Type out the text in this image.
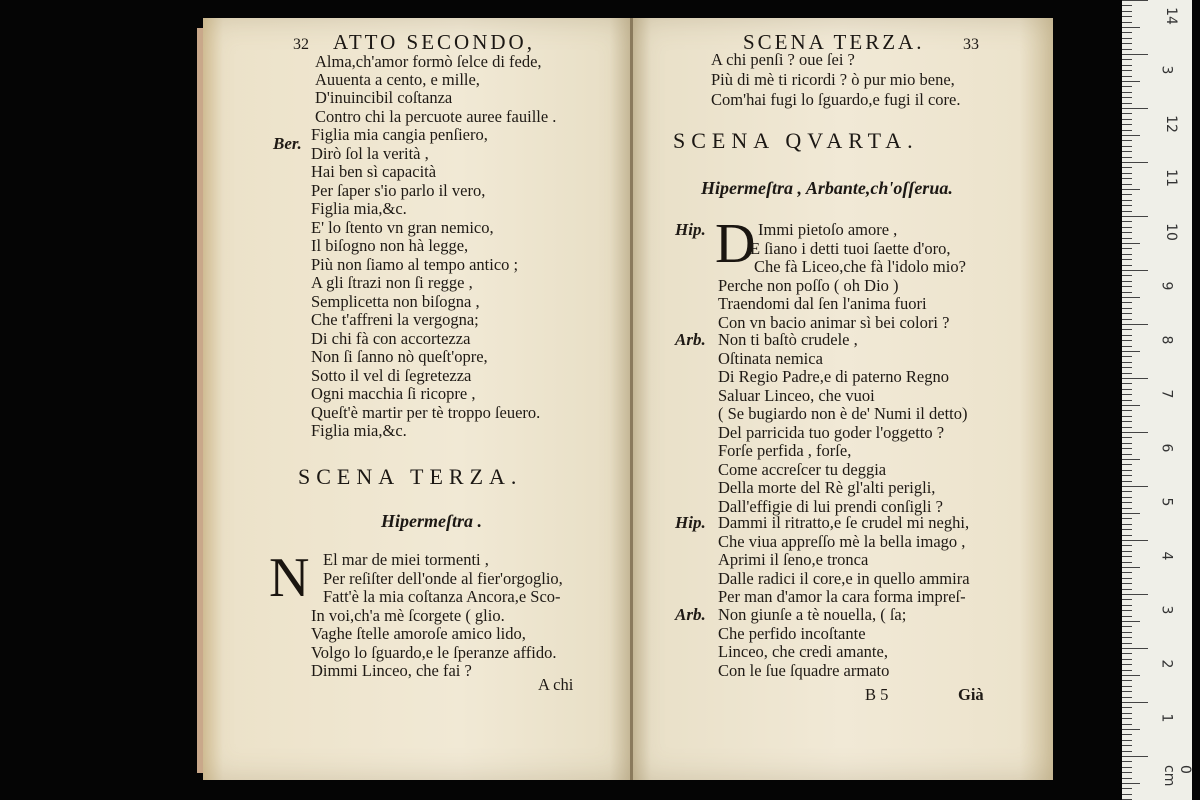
32 ATTO SECONDO,
Alma,ch'amor formò ſelce di fede,
Auuenta a cento, e mille,
D'inuincibil coſtanza
Contro chi la percuote auree fauille .
Ber. Figlia mia cangia penſiero,
Dirò ſol la verità ,
Hai ben sì capacità
Per ſaper s'io parlo il vero,
Figlia mia,&c.
E' lo ſtento vn gran nemico,
Il biſogno non hà legge,
Più non ſiamo al tempo antico ;
A gli ſtrazi non ſi regge ,
Semplicetta non biſogna ,
Che t'affreni la vergogna;
Di chi fà con accortezza
Non ſi ſanno nò queſt'opre,
Sotto il vel di ſegretezza
Ogni macchia ſi ricopre ,
Queſt'è martir per tè troppo ſeuero.
Figlia mia,&c.
SCENA TERZA.
Hipermeſtra .
N El mar de miei tormenti ,
Per reſiſter dell'onde al fier'orgoglio,
Fatt'è la mia coſtanza Ancora,e Sco-
In voi,ch'a mè ſcorgete ( glio.
Vaghe ſtelle amoroſe amico lido,
Volgo lo ſguardo,e le ſperanze affido.
Dimmi Linceo, che fai ?
A chi
SCENA TERZA. 33
A chi penſi ? oue ſei ?
Più di mè ti ricordi ? ò pur mio bene,
Com'hai fugi lo ſguardo,e fugi il core.
SCENA QVARTA.
Hipermeſtra , Arbante,ch'oſſerua.
Hip. D Immi pietoſo amore ,
E ſiano i detti tuoi ſaette d'oro,
Che fà Liceo,che fà l'idolo mio?
Perche non poſſo ( oh Dio )
Traendomi dal ſen l'anima fuori
Con vn bacio animar sì bei colori ?
Arb. Non ti baſtò crudele ,
Oſtinata nemica
Di Regio Padre,e di paterno Regno
Saluar Linceo, che vuoi
( Se bugiardo non è de' Numi il detto)
Del parricida tuo goder l'oggetto ?
Forſe perfida , forſe,
Come accreſcer tu deggia
Della morte del Rè gl'alti perigli,
Dall'effigie di lui prendi conſigli ?
Hip. Dammi il ritratto,e ſe crudel mi neghi,
Che viua appreſſo mè la bella imago ,
Aprimi il ſeno,e tronca
Dalle radici il core,e in quello ammira
Per man d'amor la cara forma impreſ-
Arb. Non giunſe a tè nouella, ( ſa;
Che perfido incoſtante
Linceo, che credi amante,
Con le ſue ſquadre armato
B 5	Già
14
3
12
11
10
9
8
7
6
5
4
3
2
1
0 cm
